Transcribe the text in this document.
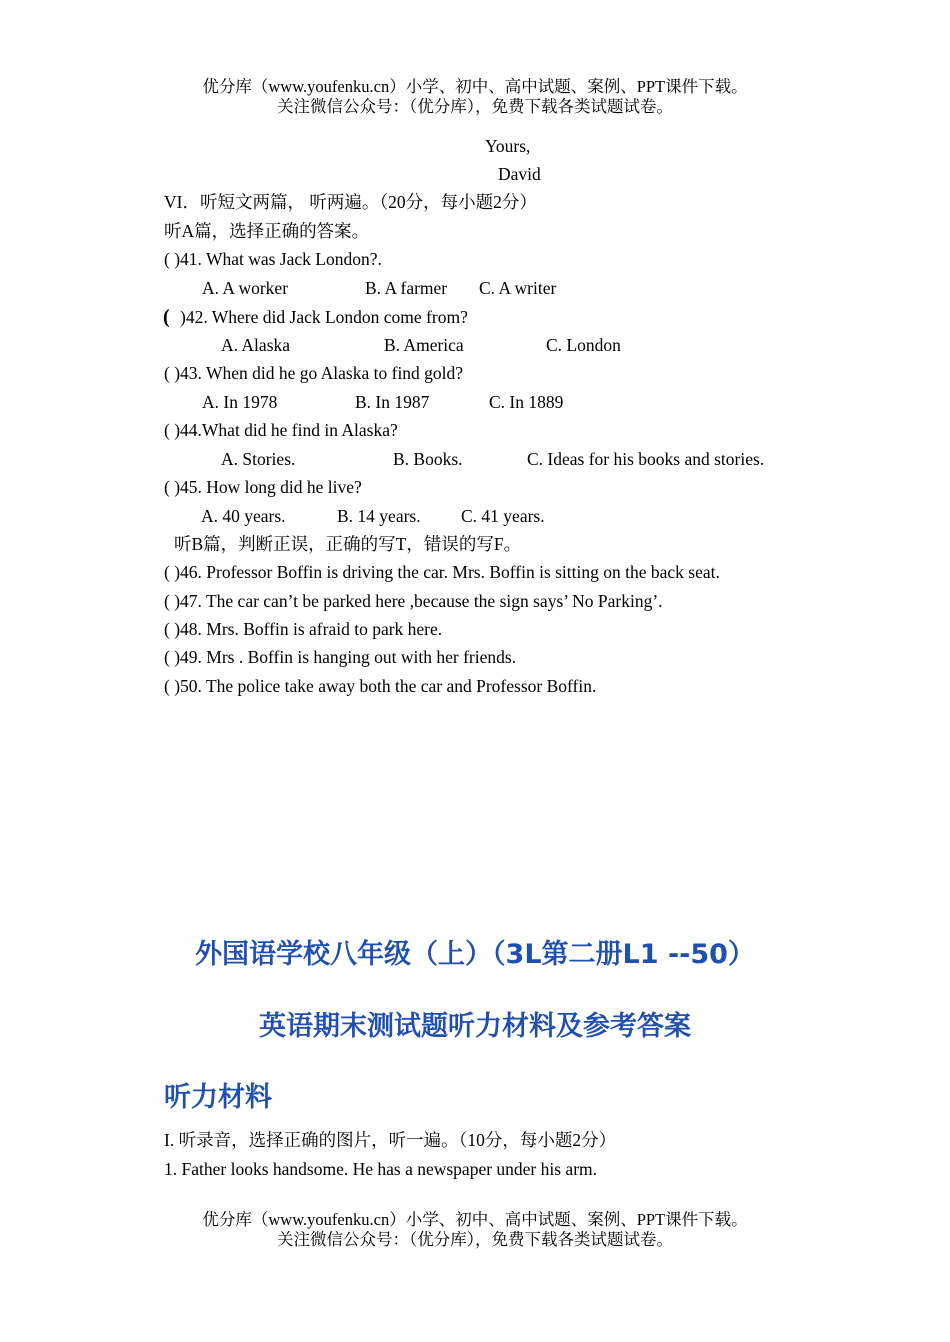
优分库（www.youfenku.cn）小学、初中、高中试题、案例、PPT课件下载。
关注微信公众号：（优分库），免费下载各类试题试卷。
Yours,
David
VI．听短文两篇， 听两遍。（20分，每小题2分）
听A篇，选择正确的答案。
( )41. What was Jack London?.
A. A worker	B. A farmer C. A writer
( )42. Where did Jack London come from?
A. Alaska	B. America	C. London
( )43. When did he go Alaska to find gold?
A. In 1978	B. In 1987	C. In 1889
( )44.What did he find in Alaska?
A. Stories.	B. Books.	C. Ideas for his books and stories.
( )45. How long did he live?
A. 40 years.	B. 14 years. C. 41 years.
听B篇，判断正误，正确的写T，错误的写F。
( )46. Professor Boffin is driving the car. Mrs. Boffin is sitting on the back seat.
( )47. The car can’t be parked here ,because the sign says’ No Parking’.
( )48. Mrs. Boffin is afraid to park here.
( )49. Mrs . Boffin is hanging out with her friends.
( )50. The police take away both the car and Professor Boffin.
外国语学校八年级（上）（3L第二册L1 --50）
英语期末测试题听力材料及参考答案
听力材料
I. 听录音，选择正确的图片，听一遍。（10分，每小题2分）
1. Father looks handsome. He has a newspaper under his arm.
优分库（www.youfenku.cn）小学、初中、高中试题、案例、PPT课件下载。
关注微信公众号：（优分库），免费下载各类试题试卷。
